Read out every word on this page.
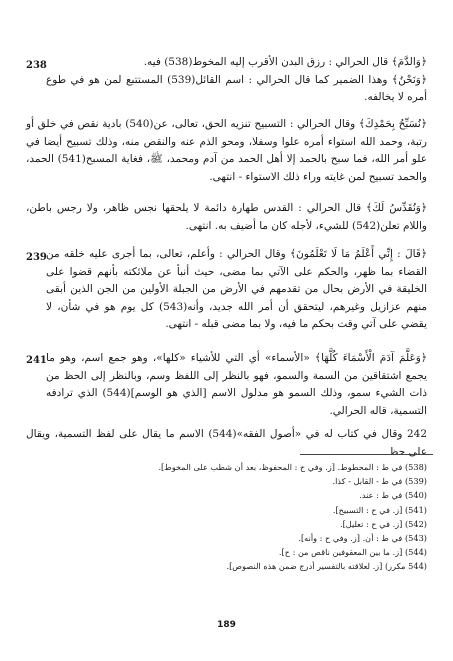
238	﴿وَالدَّمَ﴾ قال الحرالي : رزق البدن الأقرب إليه المخوط(538) فيه.
﴿وَنَحْنُ﴾ وهذا الضمير كما قال الحرالي : اسم القائل(539) المستتبع لمن هو في طوع أمره لا يخالفه.
﴿نُسَبِّحُ بِحَمْدِكَ﴾ وقال الحرالي : التسبيح تنزيه الحق، تعالى، عن(540) بادية نقص في خلق أو رتبة، وحمد الله استواء أمره علوا وسفلا، ومحو الذم عنه والنقص منه، وذلك تسبيح أيضا في علو أمر الله، فما سبح بالحمد إلا أهل الحمد من آدم ومحمد، ﷺ، فغاية المسبح(541) الحمد، والحمد تسبيح لمن غايته وراء ذلك الاستواء - انتهى.
﴿وَنُقَدِّسُ لَكَ﴾ قال الحرالي : القدس طهارة دائمة لا يلحقها نجس ظاهر، ولا رجس باطن، واللام تعلن(542) للشيء، لأجله كان ما أضيف به. انتهى.
239 ﴿قَالَ : إِنِّي أَعْلَمُ مَا لَا تَعْلَمُونَ﴾ وقال الحرالي : وأعلم، تعالى، بما أجرى عليه خلقه من القضاء بما ظهر، والحكم على الآتي بما مضى، حيث أنبأ عن ملائكته بأنهم قضوا على الخليقة في الأرض بحال من تقدمهم في الأرض من الجبلة الأولين من الجن الذين أبقى منهم عزازيل وغيرهم، ليتحقق أن أمر الله جديد، وأنه(543) كل يوم هو في شأن، لا يقضي على آتي وقت بحكم ما فيه، ولا بما مضى قبله - انتهى.
241 ﴿وَعَلَّمَ آدَمَ الْأَسْمَاءَ كُلَّهَا﴾ «الأسماء» أي التي للأشياء «كلها»، وهو جمع اسم، وهو ما يجمع اشتقاقين من السمة والسمو، فهو بالنظر إلى اللفظ وسم، وبالنظر إلى الحظ من ذات الشيء سمو، وذلك السمو هو مدلول الاسم [الذي هو الوسم](544) الذي ترادفه التسمية، قاله الحرالي.
242 وقال في كتاب له في «أصول الفقه»(544) الاسم ما يقال على لفظ التسمية، ويقال على حظ
(538) في ط : المحطوط. [ز. وفي ح : المحفوظ، بعد أن شطب على المخوط].
(539) في ط - القابل - كذا.
(540) في ط : عند.
(541) [ز. في ح : التسبيح].
(542) [ز. في ح : تعليل].
(543) في ط : أن. [ز. وفي ح : وأنه].
(544) [ز. ما بين المعقوفين ناقص من : ح].
(544 مكرر) [ز. لعلاقته بالتفسير أدرج ضمن هذه النصوص].
189
